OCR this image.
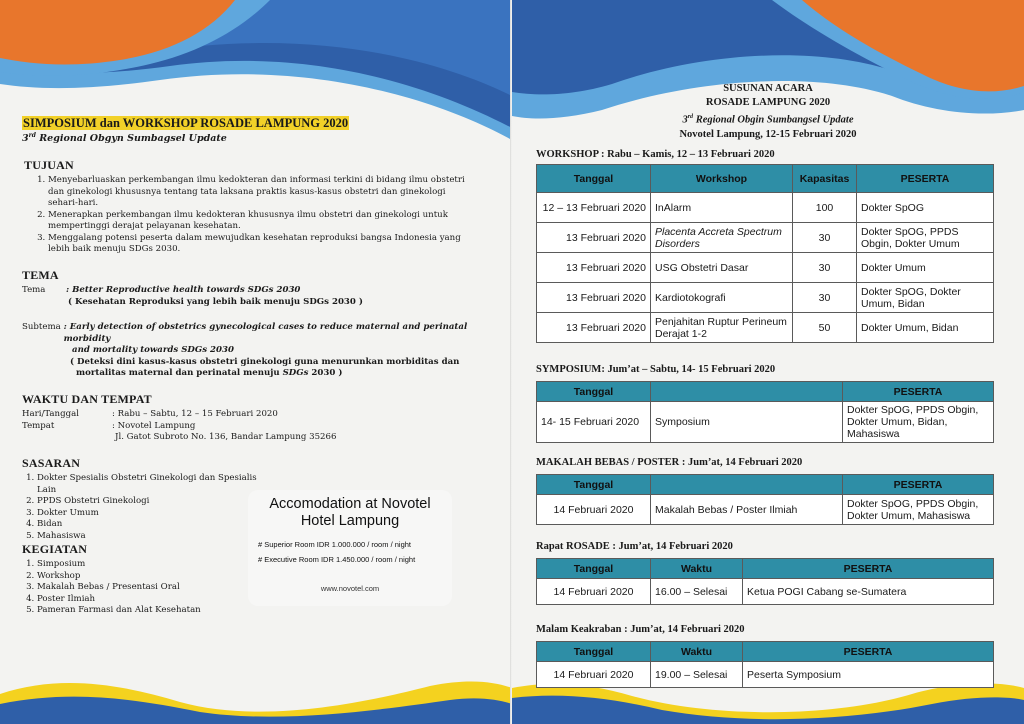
SIMPOSIUM dan WORKSHOP ROSADE LAMPUNG 2020
3rd Regional Obgyn Sumbagsel Update
TUJUAN
1. Menyebarluaskan perkembangan ilmu kedokteran dan informasi terkini di bidang ilmu obstetri dan ginekologi khususnya tentang tata laksana praktis kasus-kasus obstetri dan ginekologi sehari-hari.
2. Menerapkan perkembangan ilmu kedokteran khususnya ilmu obstetri dan ginekologi untuk mempertinggi derajat pelayanan kesehatan.
3. Menggalang potensi peserta dalam mewujudkan kesehatan reproduksi bangsa Indonesia yang lebih baik menuju SDGs 2030.
TEMA
Tema	: Better Reproductive health towards SDGs 2030
( Kesehatan Reproduksi yang lebih baik menuju SDGs 2030 )
Subtema : Early detection of obstetrics gynecological cases to reduce maternal and perinatal morbidity
and mortality towards SDGs 2030
( Deteksi dini kasus-kasus obstetri ginekologi guna menurunkan morbiditas dan
mortalitas maternal dan perinatal menuju SDGs 2030 )
WAKTU DAN TEMPAT
Hari/Tanggal	: Rabu – Sabtu, 12 – 15 Februari 2020
Tempat	: Novotel Lampung
Jl. Gatot Subroto No. 136, Bandar Lampung 35266
SASARAN
1. Dokter Spesialis Obstetri Ginekologi dan Spesialis Lain
2. PPDS Obstetri Ginekologi
3. Dokter Umum
4. Bidan
5. Mahasiswa
KEGIATAN
1. Simposium
2. Workshop
3. Makalah Bebas / Presentasi Oral
4. Poster Ilmiah
5. Pameran Farmasi dan Alat Kesehatan
Accomodation at Novotel Hotel Lampung
# Superior Room IDR 1.000.000 / room / night
# Executive Room IDR 1.450.000 / room / night
www.novotel.com
SUSUNAN ACARA
ROSADE LAMPUNG 2020
3rd Regional Obgin Sumbangsel Update
Novotel Lampung, 12-15 Februari 2020
WORKSHOP : Rabu – Kamis, 12 – 13 Februari 2020
Tanggal	Workshop	Kapasitas	PESERTA
12 – 13 Februari 2020	InAlarm	100	Dokter SpOG
13 Februari 2020	Placenta Accreta Spectrum Disorders	30	Dokter SpOG, PPDS Obgin, Dokter Umum
13 Februari 2020	USG Obstetri Dasar	30	Dokter Umum
13 Februari 2020	Kardiotokografi	30	Dokter SpOG, Dokter Umum, Bidan
13 Februari 2020	Penjahitan Ruptur Perineum Derajat 1-2	50	Dokter Umum, Bidan
SYMPOSIUM: Jum’at – Sabtu, 14- 15 Februari 2020
Tanggal		PESERTA
14- 15 Februari 2020	Symposium	Dokter SpOG, PPDS Obgin, Dokter Umum, Bidan, Mahasiswa
MAKALAH BEBAS / POSTER : Jum’at, 14 Februari 2020
Tanggal		PESERTA
14 Februari 2020	Makalah Bebas / Poster Ilmiah	Dokter SpOG, PPDS Obgin, Dokter Umum, Mahasiswa
Rapat ROSADE : Jum’at, 14 Februari 2020
Tanggal	Waktu	PESERTA
14 Februari 2020	16.00 – Selesai	Ketua POGI Cabang se-Sumatera
Malam Keakraban : Jum’at, 14 Februari 2020
Tanggal	Waktu	PESERTA
14 Februari 2020	19.00 – Selesai	Peserta Symposium
